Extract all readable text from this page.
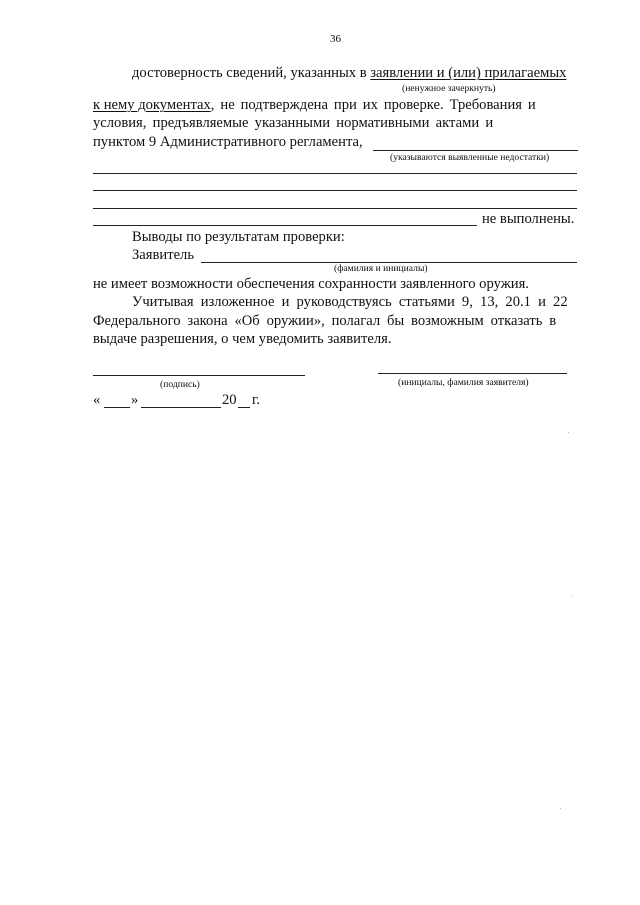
36
достоверность сведений, указанных в заявлении и (или) прилагаемых
(ненужное зачеркнуть)
к нему документах, не подтверждена при их проверке. Требования и
условия, предъявляемые указанными нормативными актами и
пунктом 9 Административного регламента,
(указываются выявленные недостатки)
не выполнены.
Выводы по результатам проверки:
Заявитель
(фамилия и инициалы)
не имеет возможности обеспечения сохранности заявленного оружия.
Учитывая изложенное и руководствуясь статьями 9, 13, 20.1 и 22
Федерального закона «Об оружии», полагал бы возможным отказать в
выдаче разрешения, о чем уведомить заявителя.
(подпись)	(инициалы, фамилия заявителя)
« »	20 г.
